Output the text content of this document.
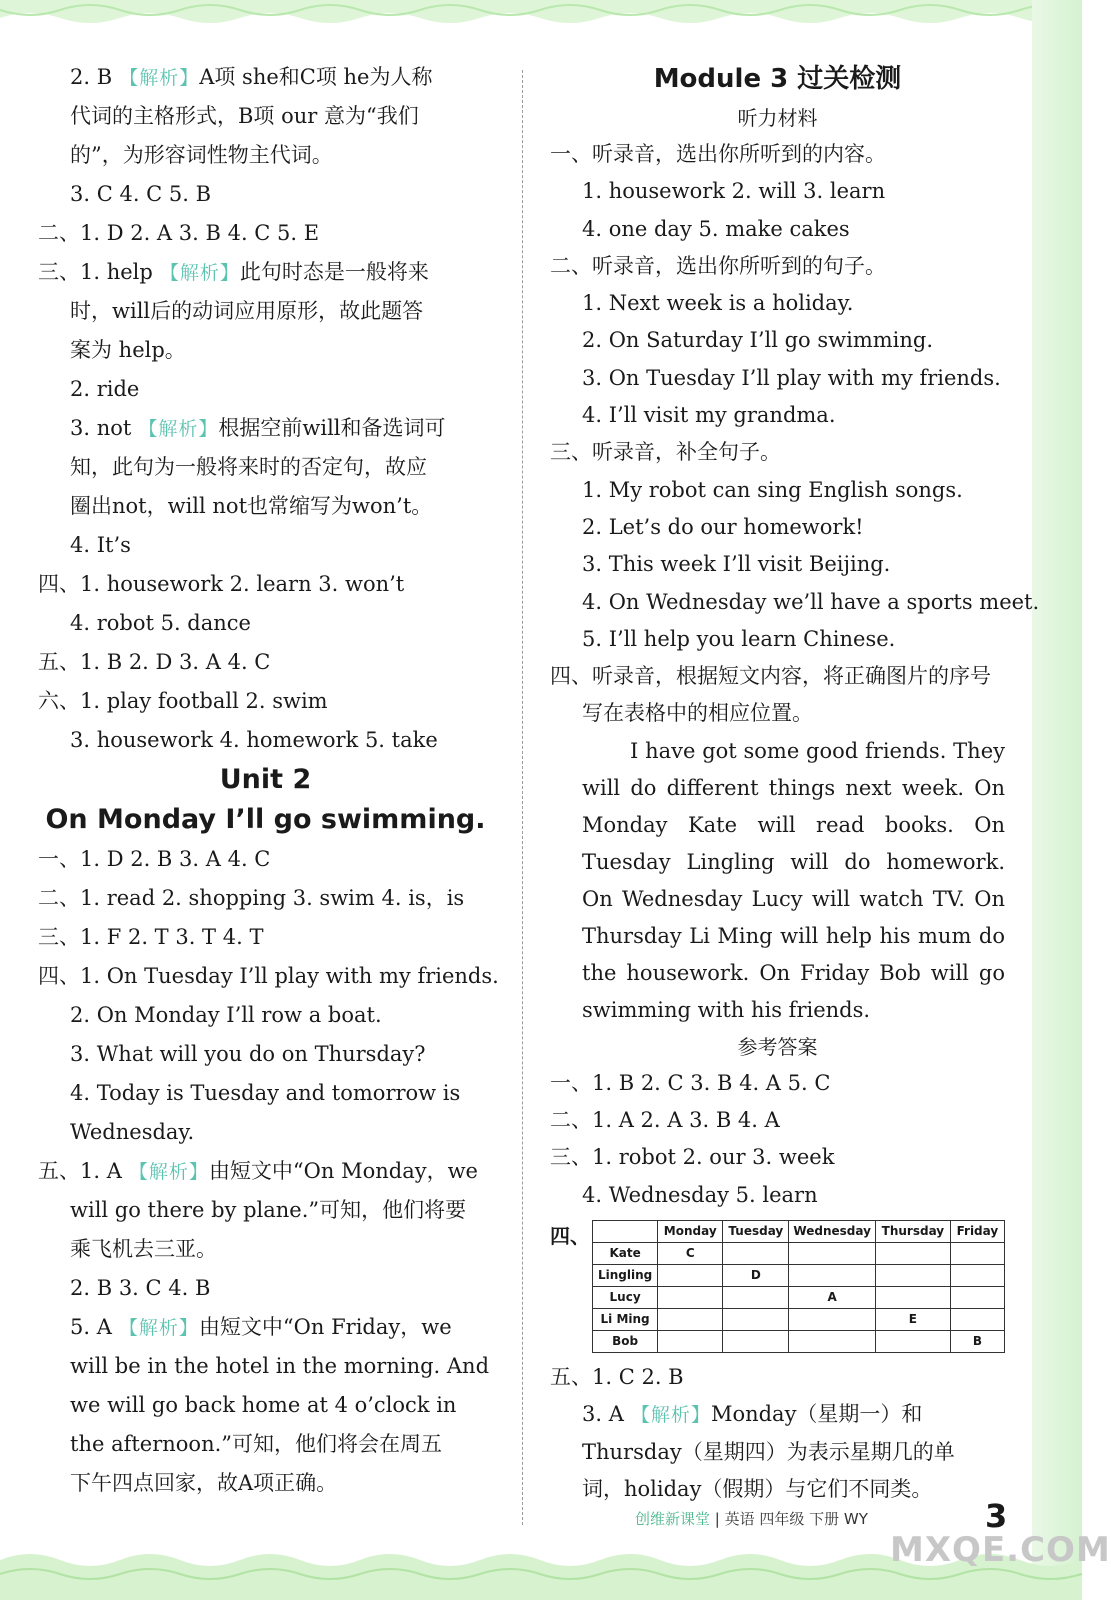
2. B 【解析】A项 she和C项 he为人称
代词的主格形式，B项 our 意为“我们
的”，为形容词性物主代词。
3. C 4. C 5. B
二、1. D 2. A 3. B 4. C 5. E
三、1. help 【解析】此句时态是一般将来
时，will后的动词应用原形，故此题答
案为 help。
2. ride
3. not 【解析】根据空前will和备选词可
知，此句为一般将来时的否定句，故应
圈出not，will not也常缩写为won’t。
4. It’s
四、1. housework 2. learn 3. won’t
4. robot 5. dance
五、1. B 2. D 3. A 4. C
六、1. play football 2. swim
3. housework 4. homework 5. take
Unit 2
On Monday I’ll go swimming.
一、1. D 2. B 3. A 4. C
二、1. read 2. shopping 3. swim 4. is，is
三、1. F 2. T 3. T 4. T
四、1. On Tuesday I’ll play with my friends.
2. On Monday I’ll row a boat.
3. What will you do on Thursday?
4. Today is Tuesday and tomorrow is
Wednesday.
五、1. A 【解析】由短文中“On Monday，we
will go there by plane.”可知，他们将要
乘飞机去三亚。
2. B 3. C 4. B
5. A 【解析】由短文中“On Friday，we
will be in the hotel in the morning. And
we will go back home at 4 o’clock in
the afternoon.”可知，他们将会在周五
下午四点回家，故A项正确。
Module 3 过关检测
听力材料
一、听录音，选出你所听到的内容。
1. housework 2. will 3. learn
4. one day 5. make cakes
二、听录音，选出你所听到的句子。
1. Next week is a holiday.
2. On Saturday I’ll go swimming.
3. On Tuesday I’ll play with my friends.
4. I’ll visit my grandma.
三、听录音，补全句子。
1. My robot can sing English songs.
2. Let’s do our homework!
3. This week I’ll visit Beijing.
4. On Wednesday we’ll have a sports meet.
5. I’ll help you learn Chinese.
四、听录音，根据短文内容，将正确图片的序号
写在表格中的相应位置。
I have got some good friends. They will do different things next week. On Monday Kate will read books. On Tuesday Lingling will do homework. On Wednesday Lucy will watch TV. On Thursday Li Ming will help his mum do the housework. On Friday Bob will go swimming with his friends.
参考答案
一、1. B 2. C 3. B 4. A 5. C
二、1. A 2. A 3. B 4. A
三、1. robot 2. our 3. week
4. Wednesday 5. learn
四、
		Monday	Tuesday	Wednesday	Thursday	Friday
Kate	C				
Lingling		D			
Lucy			A		
Li Ming				E	
Bob					B
五、1. C 2. B
3. A 【解析】Monday（星期一）和
Thursday（星期四）为表示星期几的单
词，holiday（假期）与它们不同类。
创维新课堂 | 英语 四年级 下册 WY	3
MXQE.COM
